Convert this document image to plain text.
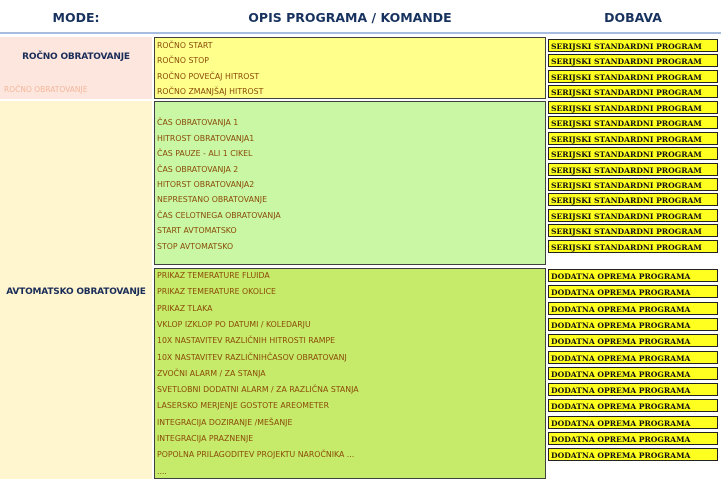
MODE:	OPIS PROGRAMA / KOMANDE	DOBAVA
ROČNO OBRATOVANJE
ROČNO OBRATOVANJE
AVTOMATSKO OBRATOVANJE
ROČNO START	SERIJSKI STANDARDNI PROGRAM
ROČNO STOP	SERIJSKI STANDARDNI PROGRAM
ROČNO POVEČAJ HITROST	SERIJSKI STANDARDNI PROGRAM
ROČNO ZMANJŠAJ HITROST	SERIJSKI STANDARDNI PROGRAM
SERIJSKI STANDARDNI PROGRAM
ČAS OBRATOVANJA 1	SERIJSKI STANDARDNI PROGRAM
HITROST OBRATOVANJA1	SERIJSKI STANDARDNI PROGRAM
ČAS PAUZE - ALI 1 CIKEL	SERIJSKI STANDARDNI PROGRAM
ČAS OBRATOVANJA 2	SERIJSKI STANDARDNI PROGRAM
HITORST OBRATOVANJA2	SERIJSKI STANDARDNI PROGRAM
NEPRESTANO OBRATOVANJE	SERIJSKI STANDARDNI PROGRAM
ČAS CELOTNEGA OBRATOVANJA	SERIJSKI STANDARDNI PROGRAM
START AVTOMATSKO	SERIJSKI STANDARDNI PROGRAM
STOP AVTOMATSKO	SERIJSKI STANDARDNI PROGRAM
PRIKAZ TEMERATURE FLUIDA	DODATNA OPREMA PROGRAMA
PRIKAZ TEMERATURE OKOLICE	DODATNA OPREMA PROGRAMA
PRIKAZ TLAKA	DODATNA OPREMA PROGRAMA
VKLOP IZKLOP PO DATUMI / KOLEDARJU	DODATNA OPREMA PROGRAMA
10X NASTAVITEV RAZLIČNIH HITROSTI RAMPE	DODATNA OPREMA PROGRAMA
10X NASTAVITEV RAZLIČNIHČASOV OBRATOVANJ	DODATNA OPREMA PROGRAMA
ZVOČNI ALARM / ZA STANJA	DODATNA OPREMA PROGRAMA
SVETLOBNI DODATNI ALARM / ZA RAZLIČNA STANJA	DODATNA OPREMA PROGRAMA
LASERSKO MERJENJE GOSTOTE AREOMETER	DODATNA OPREMA PROGRAMA
INTEGRACIJA DOZIRANJE /MEŠANJE	DODATNA OPREMA PROGRAMA
INTEGRACIJA PRAZNENJE	DODATNA OPREMA PROGRAMA
POPOLNA PRILAGODITEV PROJEKTU NAROČNIKA ...	DODATNA OPREMA PROGRAMA
....
